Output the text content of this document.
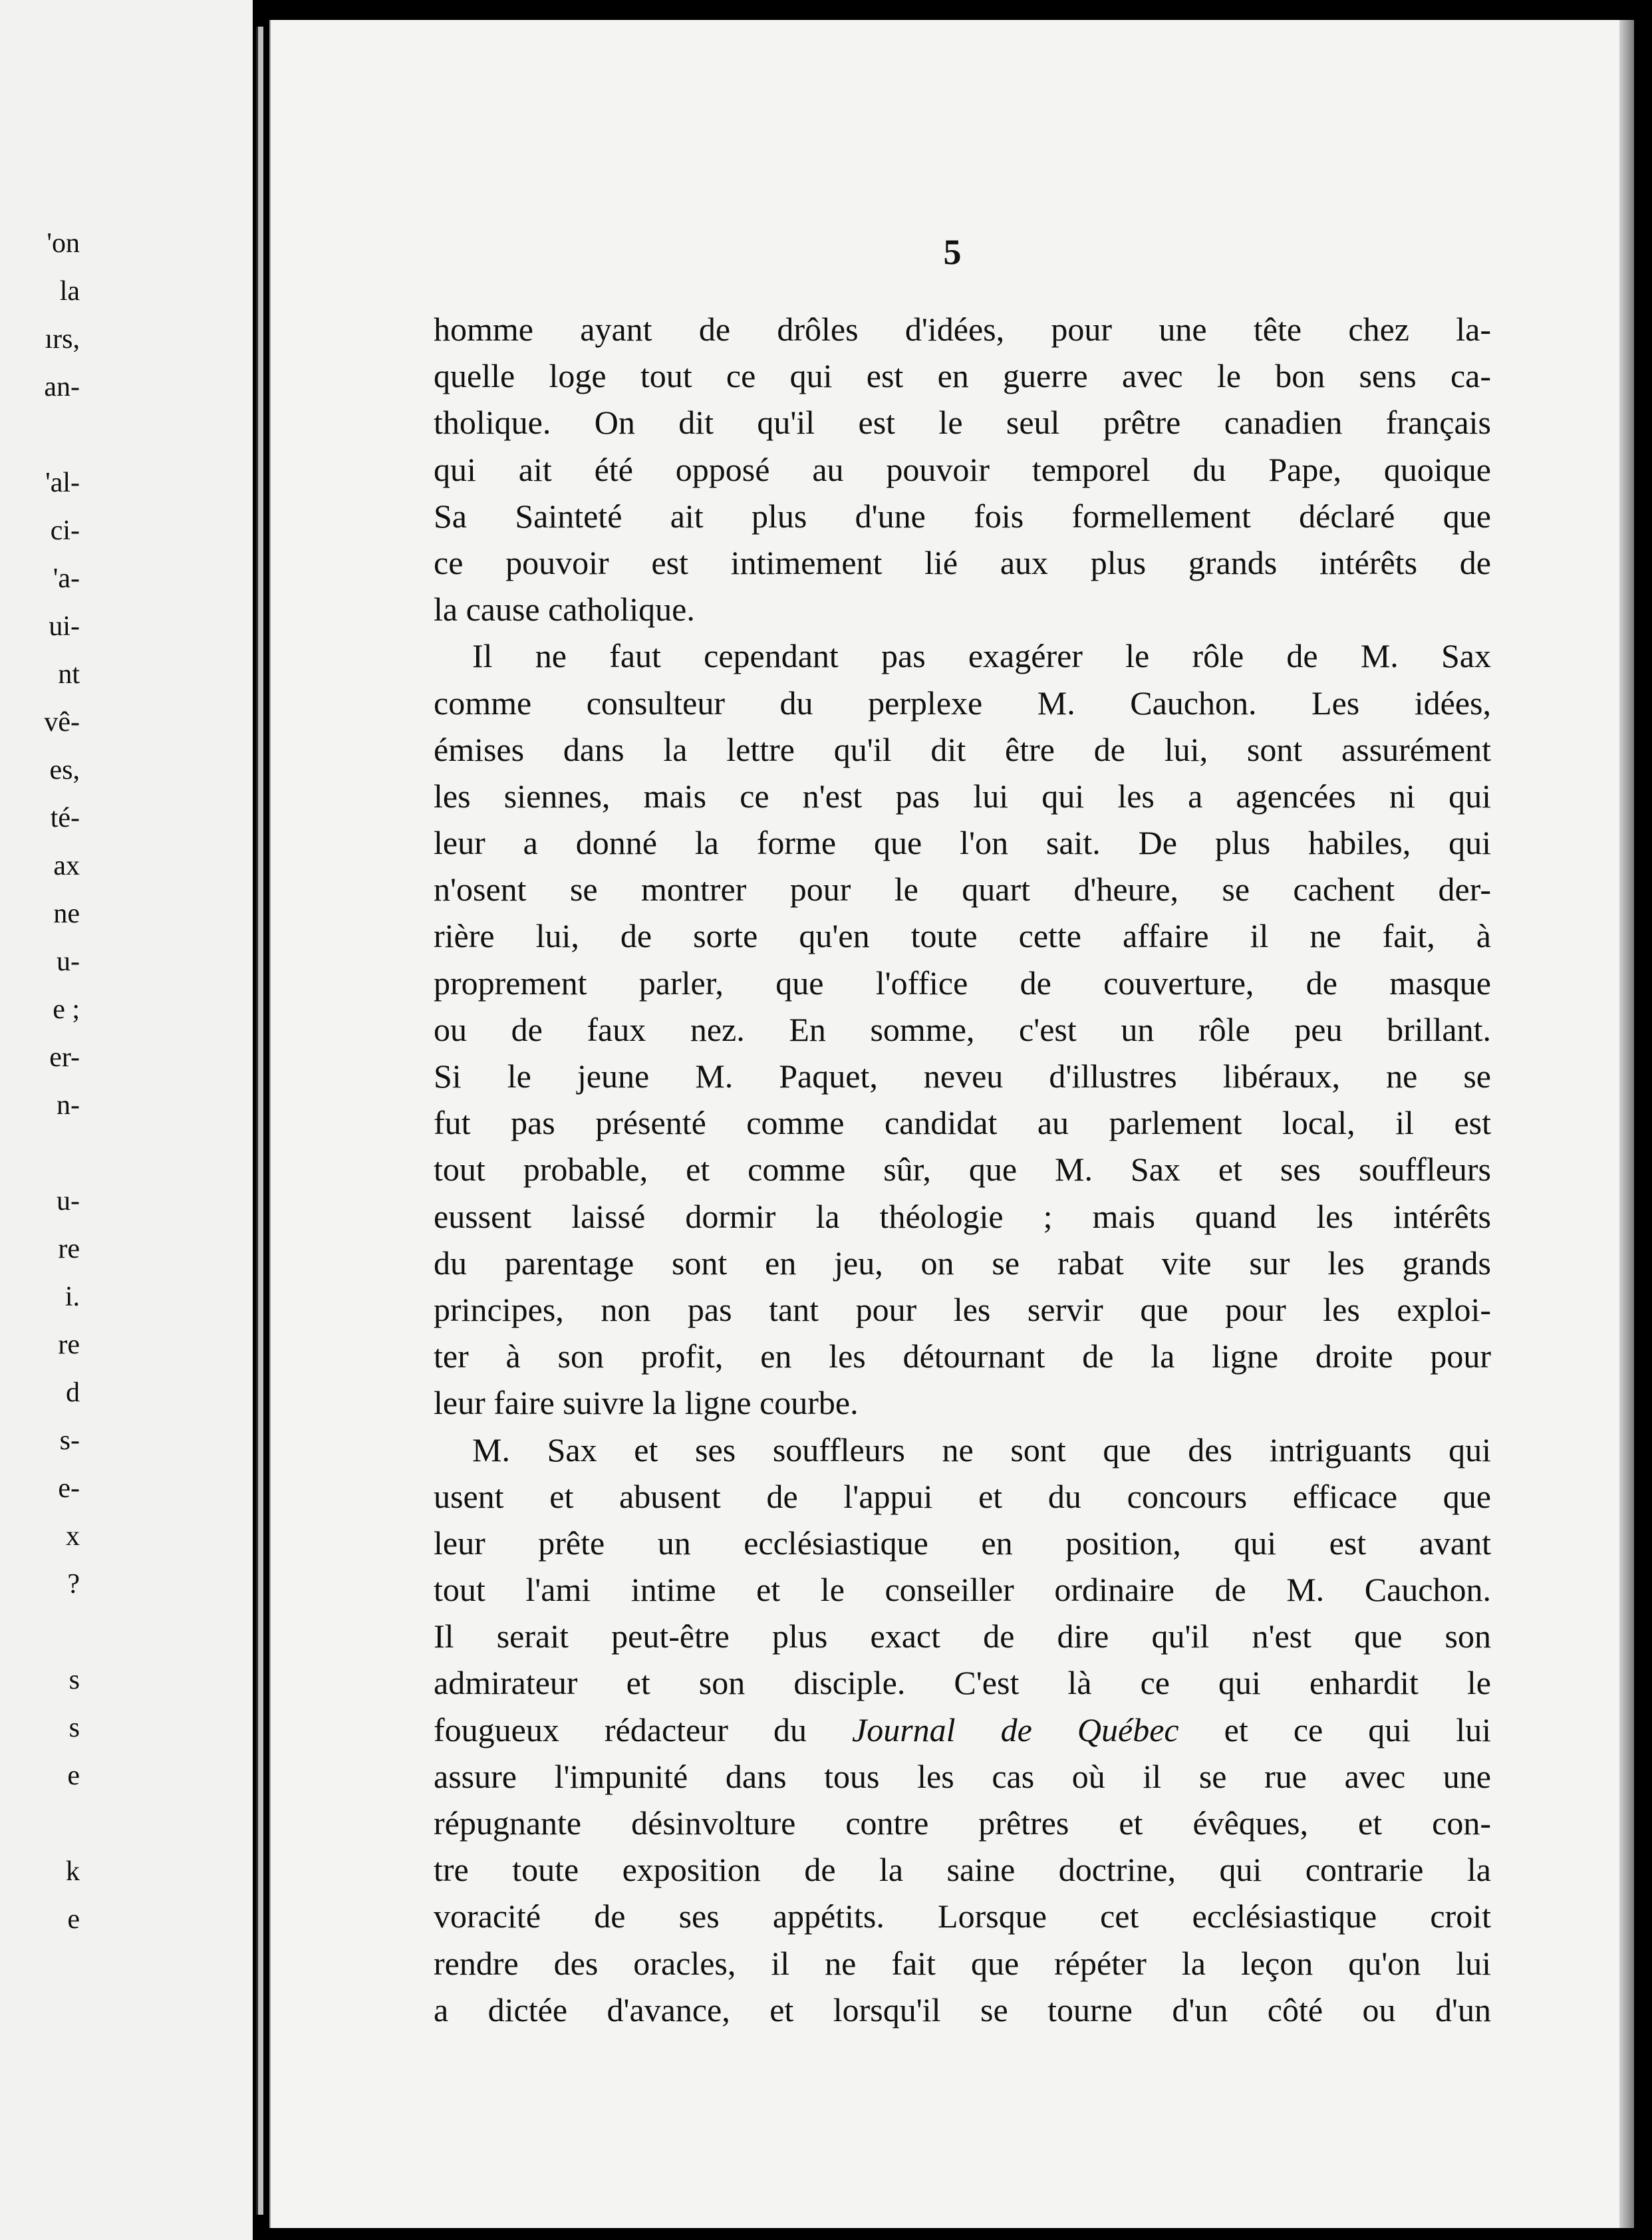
'on
la
ırs,
an-
'al-
ci-
'a-
ui-
nt
vê-
es,
té-
ax
ne
u-
e ;
er-
n-
u-
re
i.
re
d
s-
e-
x
?
s
s
e
k
e
5
homme ayant de drôles d'idées, pour une tête chez la-
quelle loge tout ce qui est en guerre avec le bon sens ca-
tholique. On dit qu'il est le seul prêtre canadien français
qui ait été opposé au pouvoir temporel du Pape, quoique
Sa Sainteté ait plus d'une fois formellement déclaré que
ce pouvoir est intimement lié aux plus grands intérêts de
la cause catholique.
Il ne faut cependant pas exagérer le rôle de M. Sax
comme consulteur du perplexe M. Cauchon. Les idées,
émises dans la lettre qu'il dit être de lui, sont assurément
les siennes, mais ce n'est pas lui qui les a agencées ni qui
leur a donné la forme que l'on sait. De plus habiles, qui
n'osent se montrer pour le quart d'heure, se cachent der-
rière lui, de sorte qu'en toute cette affaire il ne fait, à
proprement parler, que l'office de couverture, de masque
ou de faux nez. En somme, c'est un rôle peu brillant.
Si le jeune M. Paquet, neveu d'illustres libéraux, ne se
fut pas présenté comme candidat au parlement local, il est
tout probable, et comme sûr, que M. Sax et ses souffleurs
eussent laissé dormir la théologie ; mais quand les intérêts
du parentage sont en jeu, on se rabat vite sur les grands
principes, non pas tant pour les servir que pour les exploi-
ter à son profit, en les détournant de la ligne droite pour
leur faire suivre la ligne courbe.
M. Sax et ses souffleurs ne sont que des intriguants qui
usent et abusent de l'appui et du concours efficace que
leur prête un ecclésiastique en position, qui est avant
tout l'ami intime et le conseiller ordinaire de M. Cauchon.
Il serait peut-être plus exact de dire qu'il n'est que son
admirateur et son disciple. C'est là ce qui enhardit le
fougueux rédacteur du Journal de Québec et ce qui lui
assure l'impunité dans tous les cas où il se rue avec une
répugnante désinvolture contre prêtres et évêques, et con-
tre toute exposition de la saine doctrine, qui contrarie la
voracité de ses appétits. Lorsque cet ecclésiastique croit
rendre des oracles, il ne fait que répéter la leçon qu'on lui
a dictée d'avance, et lorsqu'il se tourne d'un côté ou d'un
